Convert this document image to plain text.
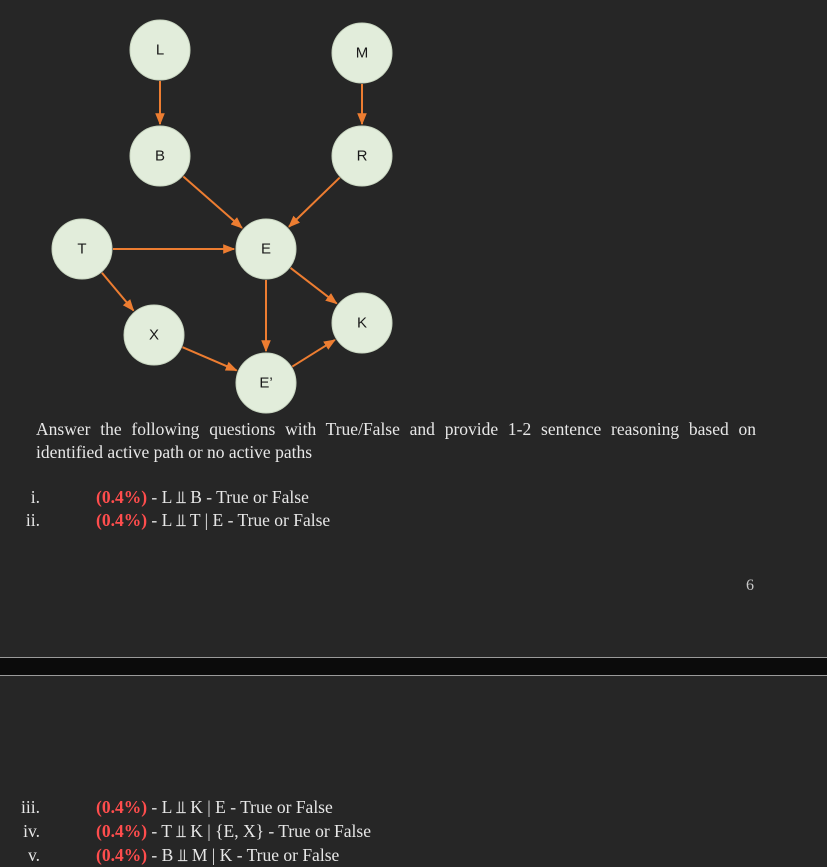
L	M
B	R
T	E
K
X
E’

Answer the following questions with True/False and provide 1-2 sentence reasoning based on identified active path or no active paths

i.	(0.4%) - L ⫫ B - True or False
ii.	(0.4%) - L ⫫ T | E - True or False
6
iii.	(0.4%) - L ⫫ K | E - True or False
iv.	(0.4%) - T ⫫ K | {E, X} - True or False
v.	(0.4%) - B ⫫ M | K - True or False
